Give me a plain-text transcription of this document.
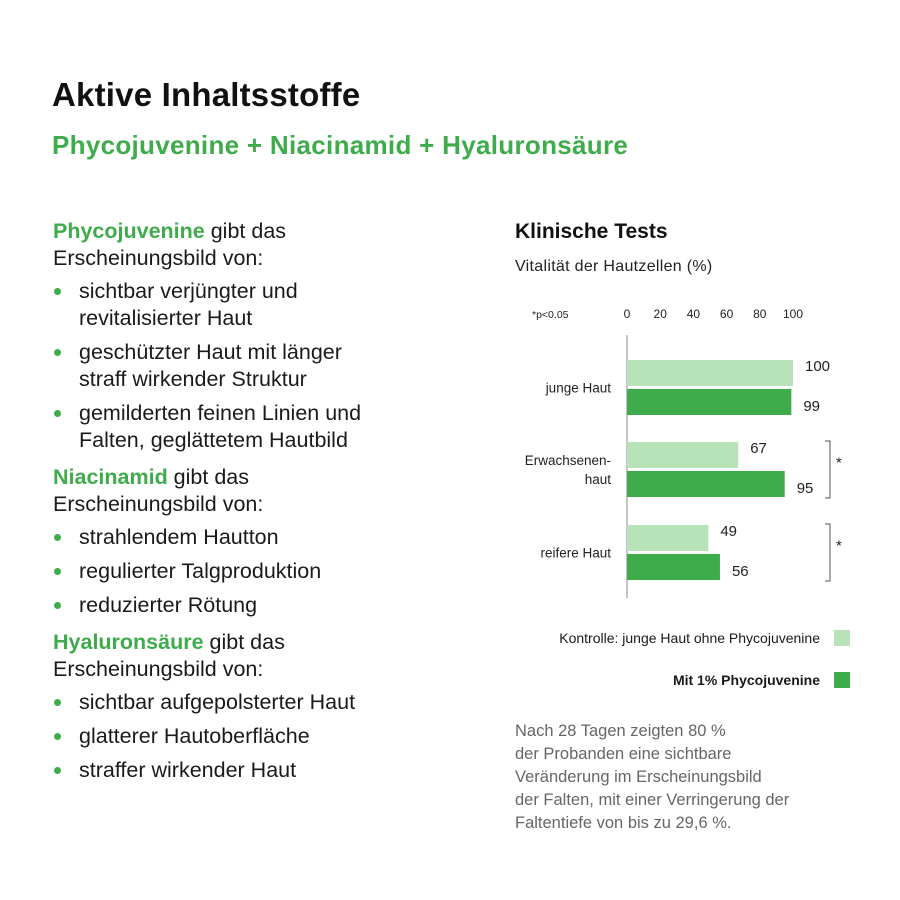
Aktive Inhaltsstoffe
Phycojuvenine + Niacinamid + Hyaluronsäure

Phycojuvenine gibt das
Erscheinungsbild von:

sichtbar verjüngter und
revitalisierter Haut
geschützter Haut mit länger
straff wirkender Struktur
gemilderten feinen Linien und
Falten, geglättetem Hautbild

Niacinamid gibt das
Erscheinungsbild von:

strahlendem Hautton
regulierter Talgproduktion
reduzierter Rötung

Hyaluronsäure gibt das
Erscheinungsbild von:

sichtbar aufgepolsterter Haut
glatterer Hautoberfläche
straffer wirkender Haut
Klinische Tests

Vitalität der Hautzellen (%)

*p<0.05	0 20 40 60 80 100
junge Haut
100
99
Erwachsenen-
haut
67
95
*
reifere Haut
49
56
*
Kontrolle: junge Haut ohne Phycojuvenine
Mit 1% Phycojuvenine

Nach 28 Tagen zeigten 80 %
der Probanden eine sichtbare
Veränderung im Erscheinungsbild
der Falten, mit einer Verringerung der
Faltentiefe von bis zu 29,6 %.
